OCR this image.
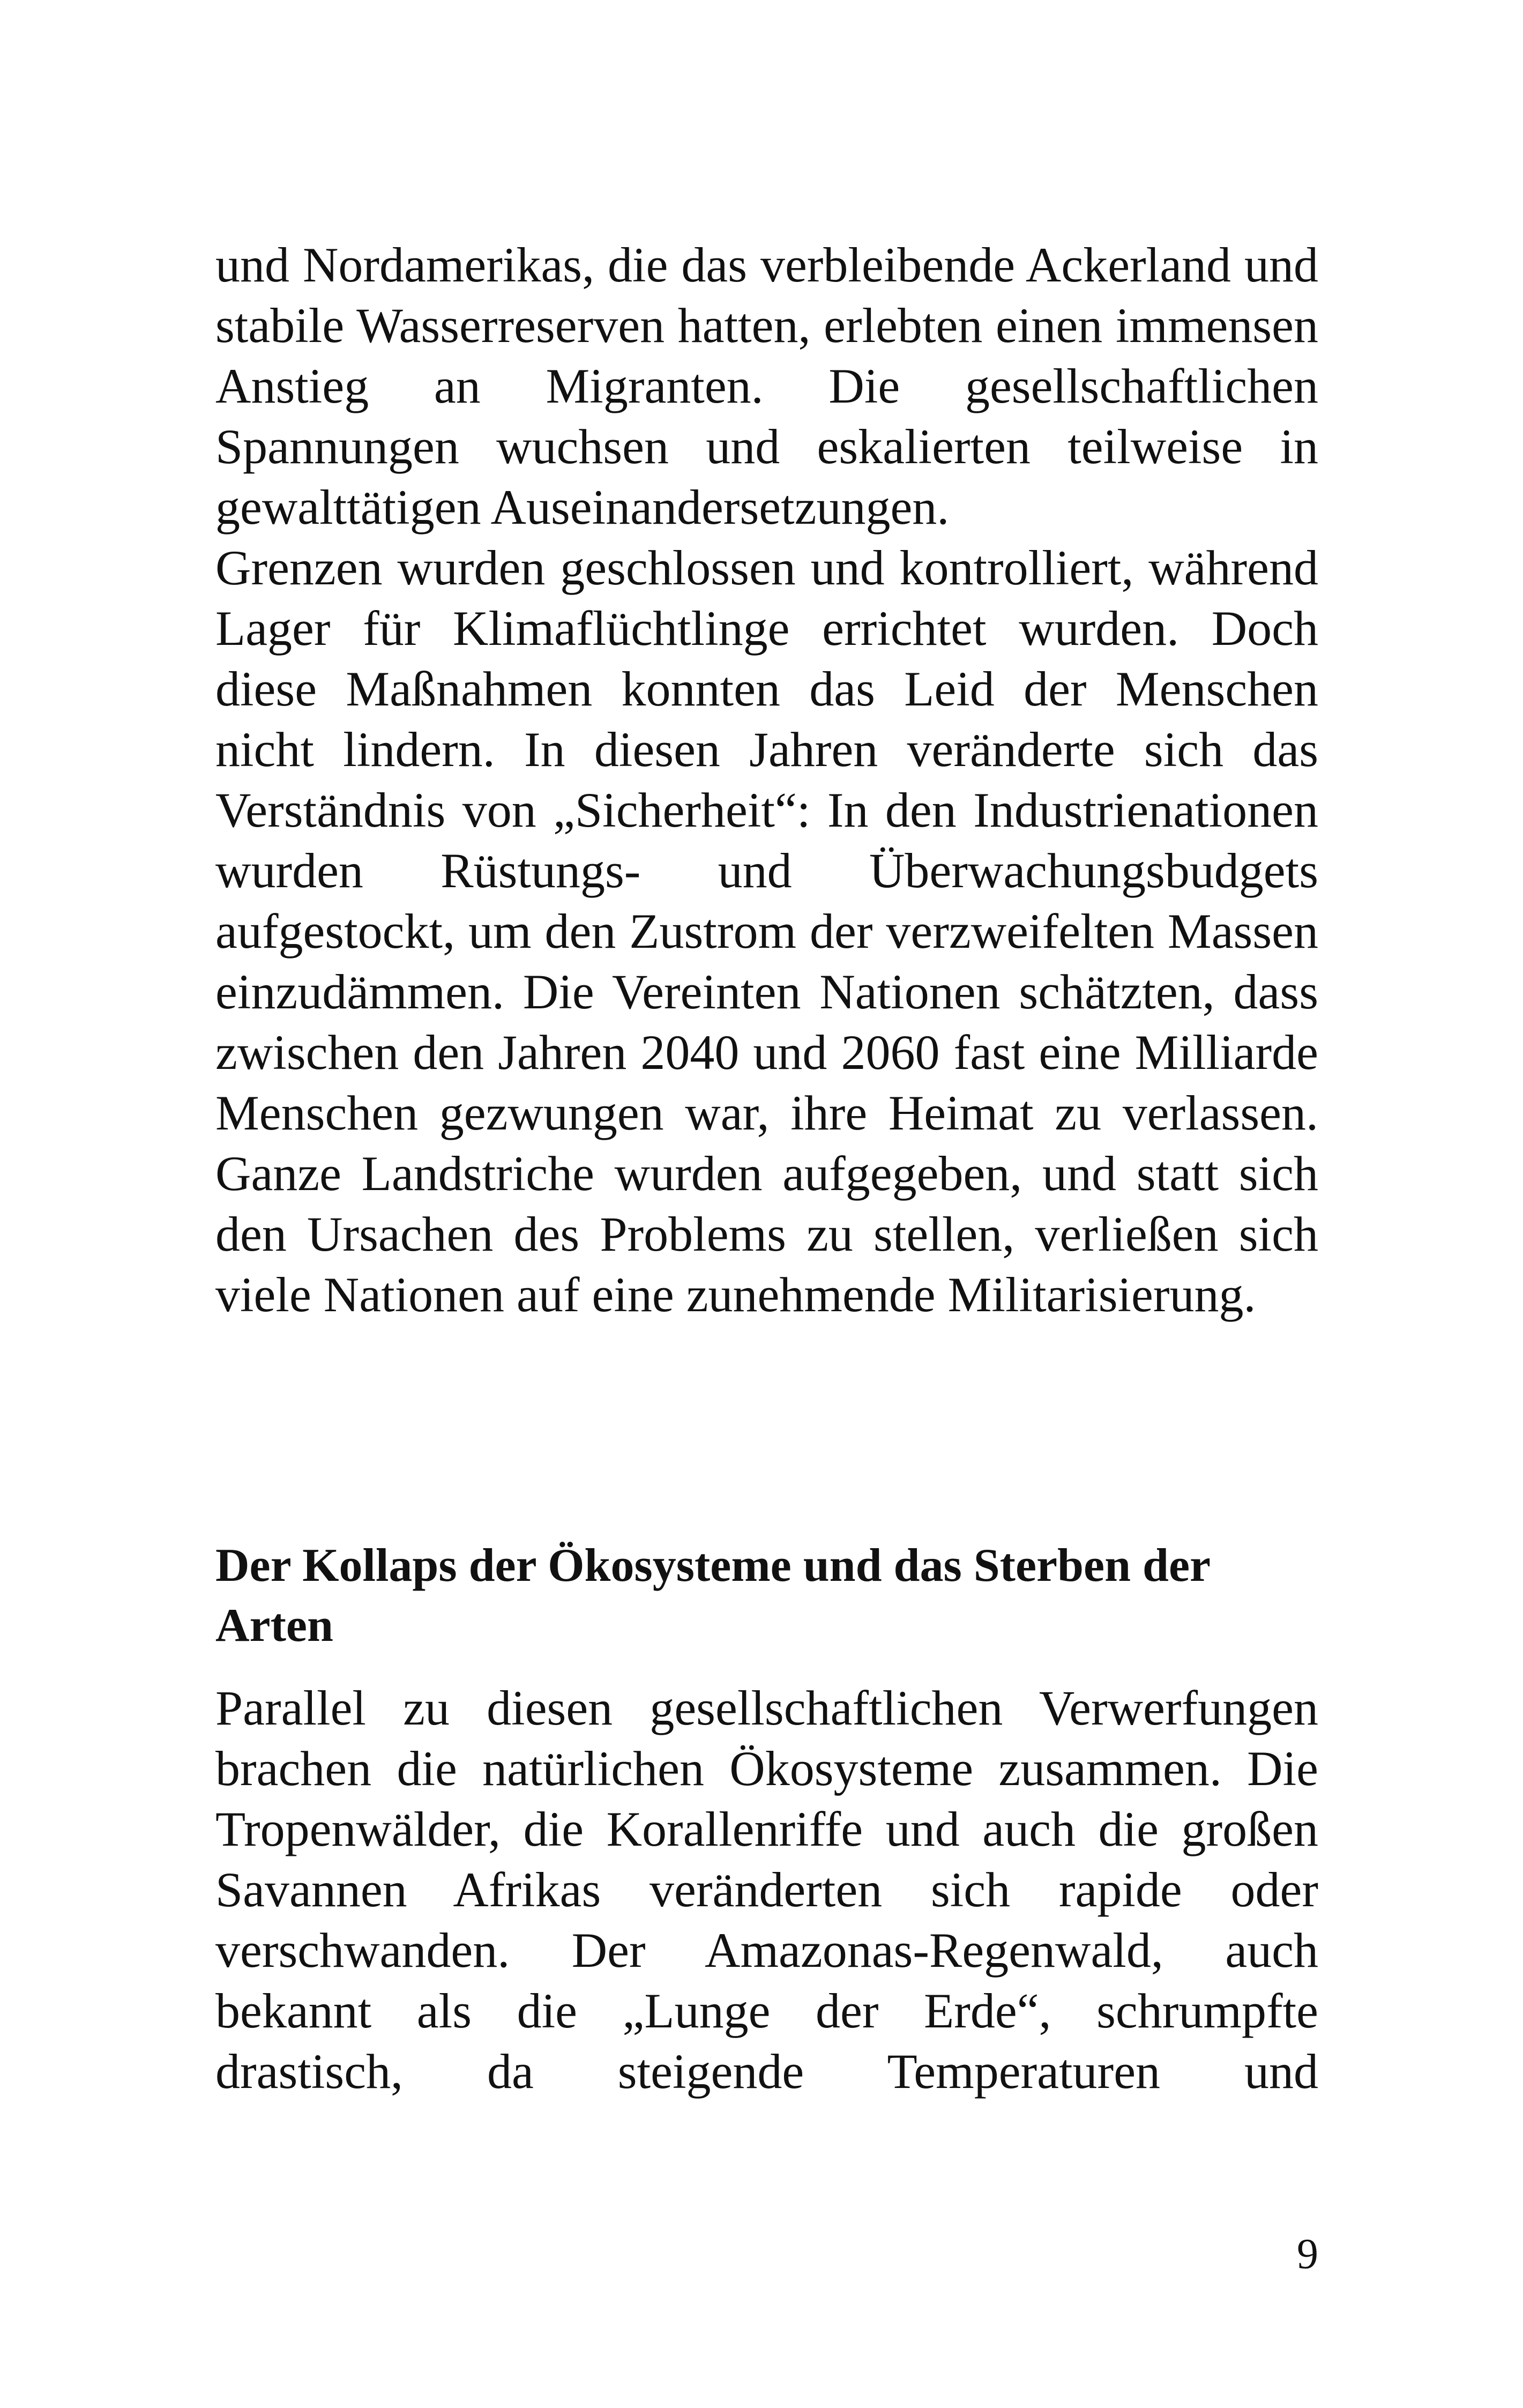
und Nordamerikas, die das verbleibende Ackerland und stabile Wasserreserven hatten, erlebten einen immensen Anstieg an Migranten. Die gesellschaftlichen Spannungen wuchsen und eskalierten teilweise in gewalttätigen Auseinandersetzungen.

Grenzen wurden geschlossen und kontrolliert, während Lager für Klimaflüchtlinge errichtet wurden. Doch diese Maßnahmen konnten das Leid der Menschen nicht lindern. In diesen Jahren veränderte sich das Verständnis von „Sicherheit“: In den Industrienationen wurden Rüstungs- und Überwachungsbudgets aufgestockt, um den Zustrom der verzweifelten Massen einzudämmen. Die Vereinten Nationen schätzten, dass zwischen den Jahren 2040 und 2060 fast eine Milliarde Menschen gezwungen war, ihre Heimat zu verlassen. Ganze Landstriche wurden aufgegeben, und statt sich den Ursachen des Problems zu stellen, verließen sich viele Nationen auf eine zunehmende Militarisierung.

Der Kollaps der Ökosysteme und das Sterben der Arten

Parallel zu diesen gesellschaftlichen Verwerfungen brachen die natürlichen Ökosysteme zusammen. Die Tropenwälder, die Korallenriffe und auch die großen Savannen Afrikas veränderten sich rapide oder verschwanden. Der Amazonas-Regenwald, auch bekannt als die „Lunge der Erde“, schrumpfte drastisch, da steigende Temperaturen und

9
